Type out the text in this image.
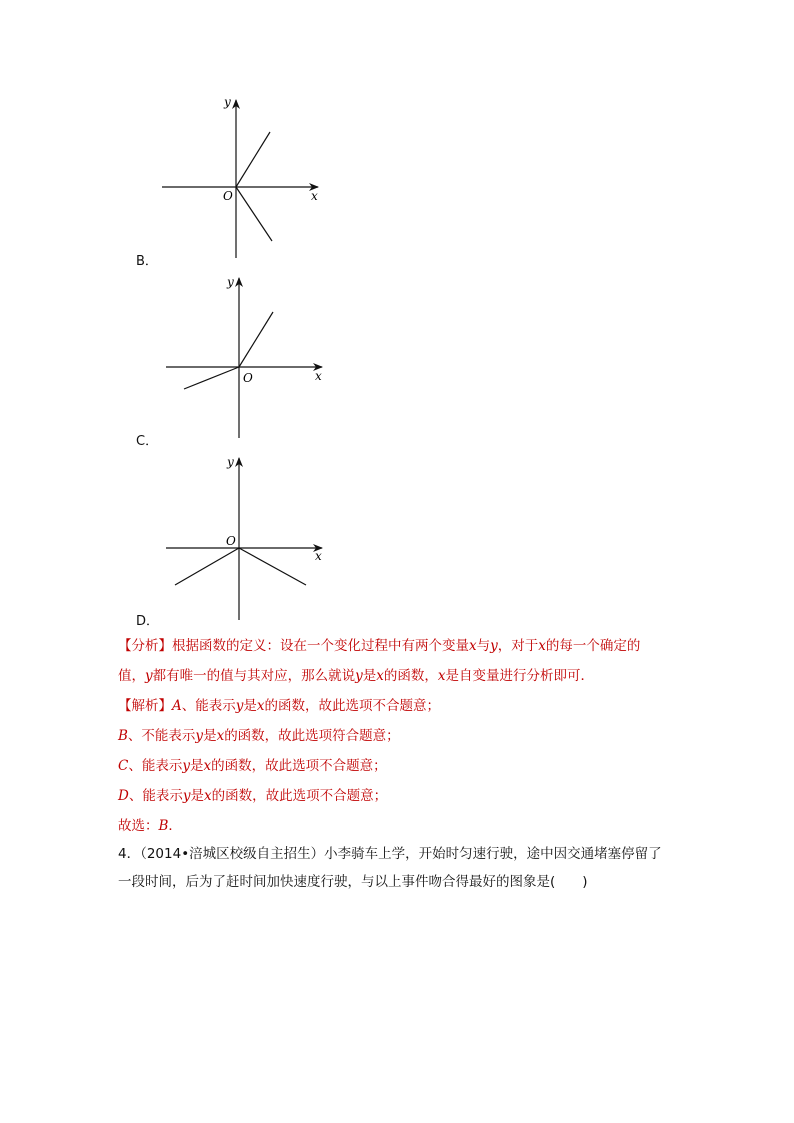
y
x
O
B．
y
x
O
C．
y
x
O
D．
【分析】根据函数的定义：设在一个变化过程中有两个变量x与y，对于x的每一个确定的
值，y都有唯一的值与其对应，那么就说y是x的函数，x是自变量进行分析即可．
【解析】A、能表示y是x的函数，故此选项不合题意；
B、不能表示y是x的函数，故此选项符合题意；
C、能表示y是x的函数，故此选项不合题意；
D、能表示y是x的函数，故此选项不合题意；
故选：B．
4．（2014•涪城区校级自主招生）小李骑车上学，开始时匀速行驶，途中因交通堵塞停留了
一段时间，后为了赶时间加快速度行驶，与以上事件吻合得最好的图象是(　　)
